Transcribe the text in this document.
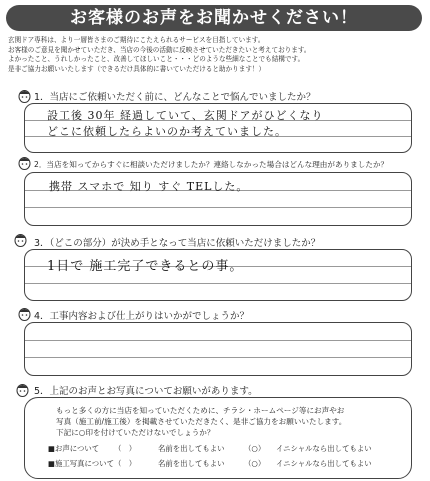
お客様のお声をお聞かせください！
玄関ドア専科は、より一層皆さまのご期待にこたえられるサービスを目指しています。
お客様のご意見を聞かせていただき、当店の今後の活動に反映させていただきたいと考えております。
よかったこと、うれしかったこと、改善してほしいこと・・・どのような些細なことでも結構です。
是非ご協力お願いいたします（できるだけ具体的に書いていただけると助かります！）
1．当店にご依頼いただく前に、どんなことで悩んでいましたか？
設工後 30年 経過していて、玄関ドアがひどくなり
どこに依頼したらよいのか考えていました。
2．当店を知ってからすぐに相談いただけましたか？連絡しなかった場合はどんな理由がありましたか？
携帯 スマホで 知り すぐ TELした。
3．（どこの部分）が決め手となって当店に依頼いただけましたか？
1日で 施工完了できるとの事。
4．工事内容および仕上がりはいかがでしょうか？
5．上記のお声とお写真についてお願いがあります。
もっと多くの方に当店を知っていただくために、チラシ・ホームページ等にお声やお
写真（施工前/施工後）を掲載させていただきたく、是非ご協力をお願いいたします。
下記に○印を付けていただけないでしょうか？
■お声について （　）	名前を出してもよい	（○） イニシャルなら出してもよい
■施工写真について （　）	名前を出してもよい	（○） イニシャルなら出してもよい
